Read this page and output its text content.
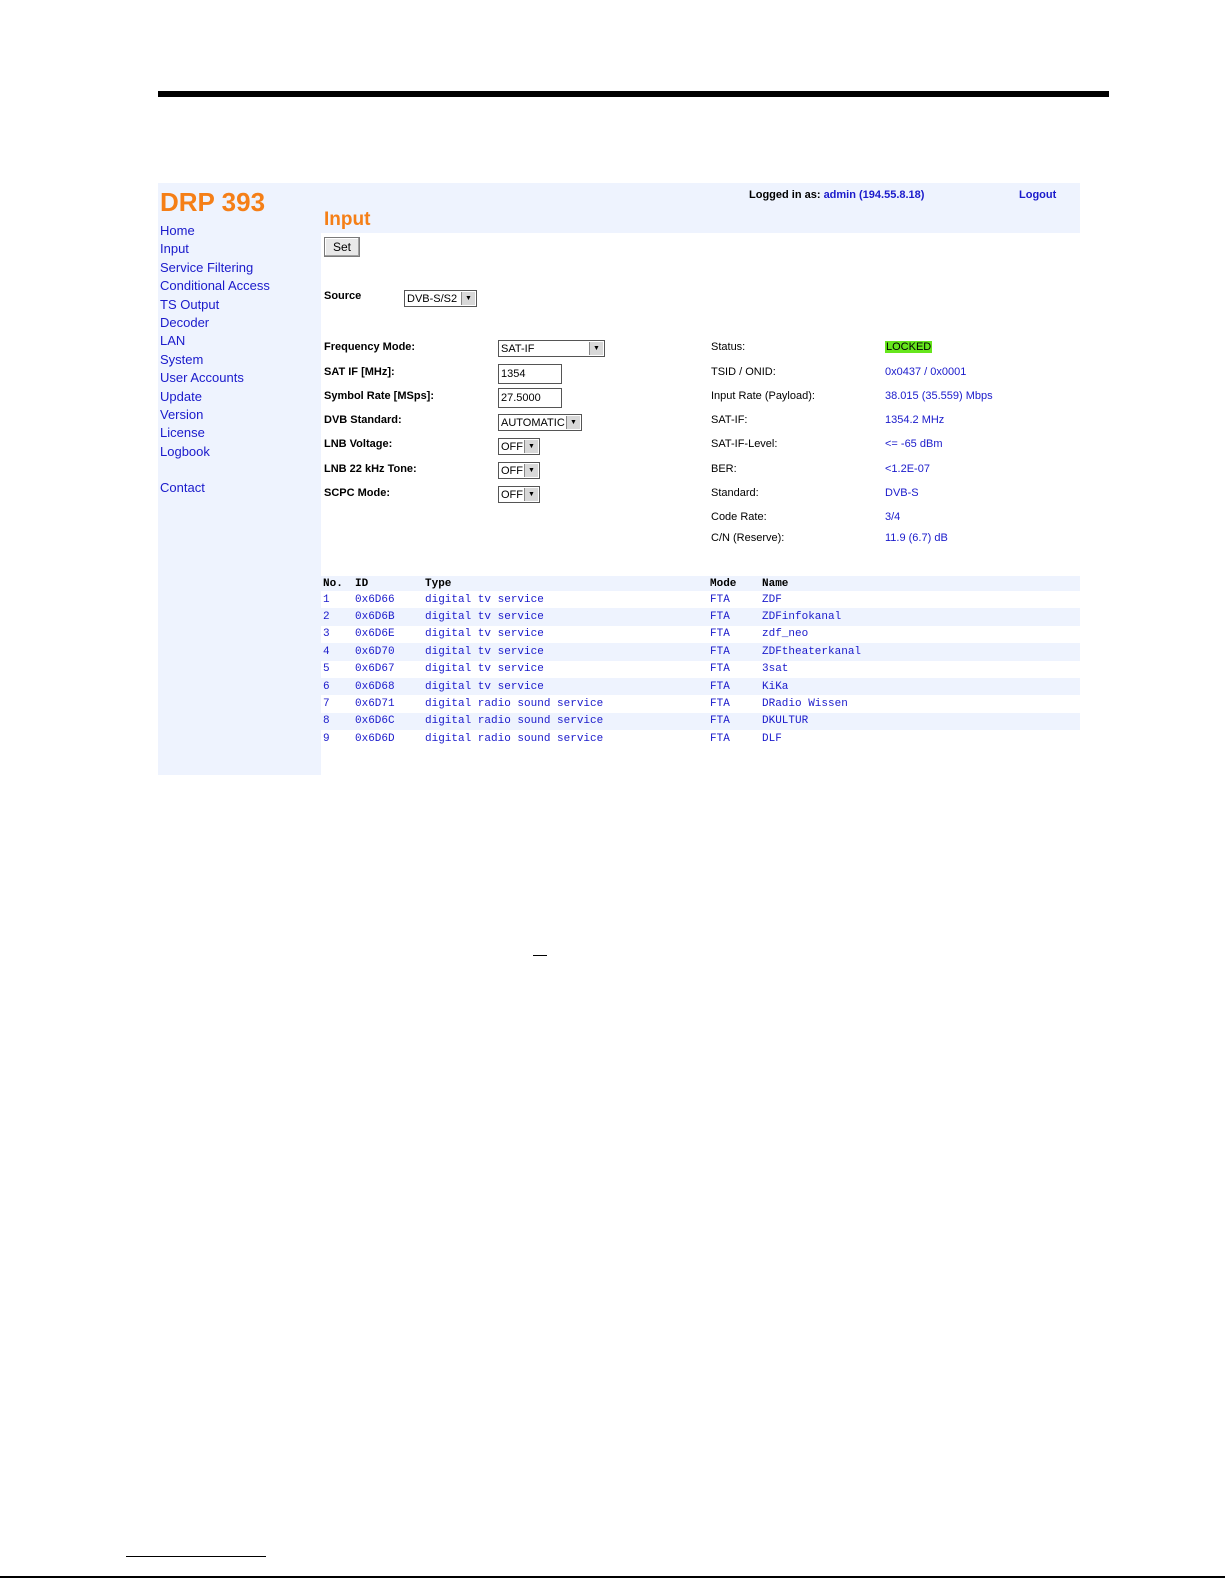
DRP 393
Home
Input
Service Filtering
Conditional Access
TS Output
Decoder
LAN
System
User Accounts
Update
Version
License
Logbook
Contact
Logged in as: admin (194.55.8.18)	Logout
Input
Set
Source	DVB-S/S2	▼
Frequency Mode:	SAT-IF	▼
SAT IF [MHz]:
1354
Symbol Rate [MSps]:
27.5000
DVB Standard:	AUTOMATIC ▼
LNB Voltage:	OFF ▼
LNB 22 kHz Tone:	OFF ▼
SCPC Mode:	OFF ▼
Status:	LOCKED
TSID / ONID:	0x0437 / 0x0001
Input Rate (Payload):	38.015 (35.559) Mbps
SAT-IF:	1354.2 MHz
SAT-IF-Level:	<= -65 dBm
BER:	<1.2E-07
Standard:	DVB-S
Code Rate:	3/4
C/N (Reserve):	11.9 (6.7) dB
No.	ID	Type	Mode	Name
1	0x6D66	digital tv service	FTA	ZDF
2	0x6D6B	digital tv service	FTA	ZDFinfokanal
3	0x6D6E	digital tv service	FTA	zdf_neo
4	0x6D70	digital tv service	FTA	ZDFtheaterkanal
5	0x6D67	digital tv service	FTA	3sat
6	0x6D68	digital tv service	FTA	KiKa
7	0x6D71	digital radio sound service	FTA	DRadio Wissen
8	0x6D6C	digital radio sound service	FTA	DKULTUR
9	0x6D6D	digital radio sound service	FTA	DLF
